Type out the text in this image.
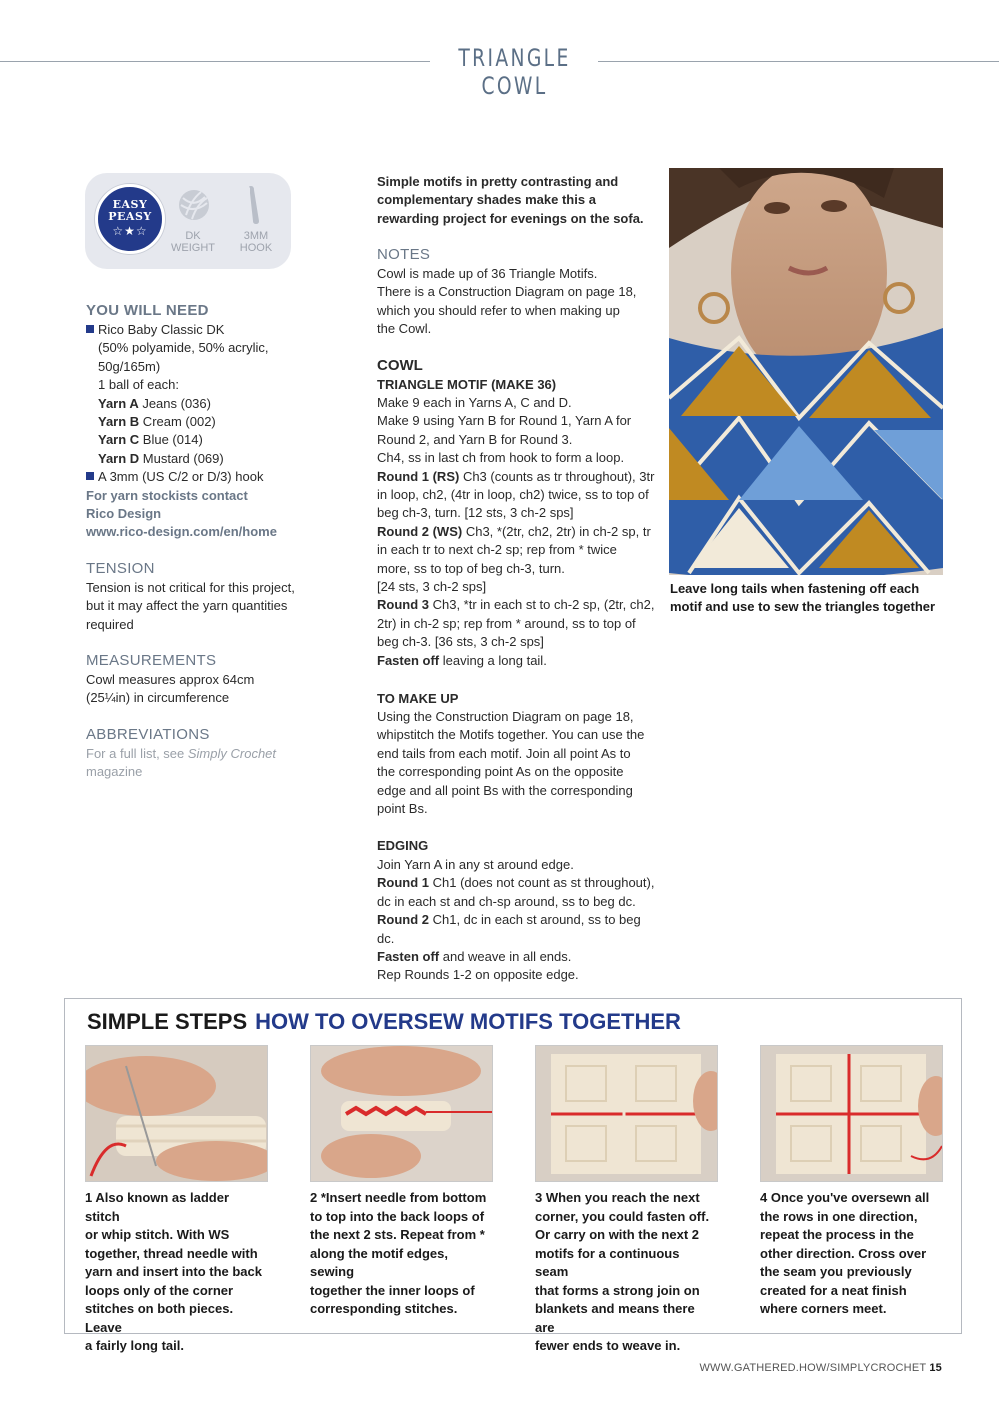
TRIANGLE COWL
EASY
PEASY
☆★☆	DK
WEIGHT
3MM
HOOK
YOU WILL NEED
Rico Baby Classic DK
(50% polyamide, 50% acrylic,
50g/165m)
1 ball of each:
Yarn A Jeans (036)
Yarn B Cream (002)
Yarn C Blue (014)
Yarn D Mustard (069)
A 3mm (US C/2 or D/3) hook
For yarn stockists contact
Rico Design
www.rico-design.com/en/home
TENSION
Tension is not critical for this project,
but it may affect the yarn quantities
required
MEASUREMENTS
Cowl measures approx 64cm
(25¼in) in circumference
ABBREVIATIONS
For a full list, see Simply Crochet
magazine
Simple motifs in pretty contrasting and
complementary shades make this a
rewarding project for evenings on the sofa.
NOTES
Cowl is made up of 36 Triangle Motifs.
There is a Construction Diagram on page 18,
which you should refer to when making up
the Cowl.
COWL
TRIANGLE MOTIF (MAKE 36)
Make 9 each in Yarns A, C and D.
Make 9 using Yarn B for Round 1, Yarn A for
Round 2, and Yarn B for Round 3.
Ch4, ss in last ch from hook to form a loop.
Round 1 (RS) Ch3 (counts as tr throughout), 3tr
in loop, ch2, (4tr in loop, ch2) twice, ss to top of
beg ch-3, turn. [12 sts, 3 ch-2 sps]
Round 2 (WS) Ch3, *(2tr, ch2, 2tr) in ch-2 sp, tr
in each tr to next ch-2 sp; rep from * twice
more, ss to top of beg ch-3, turn.
[24 sts, 3 ch-2 sps]
Round 3 Ch3, *tr in each st to ch-2 sp, (2tr, ch2,
2tr) in ch-2 sp; rep from * around, ss to top of
beg ch-3. [36 sts, 3 ch-2 sps]
Fasten off leaving a long tail.
TO MAKE UP
Using the Construction Diagram on page 18,
whipstitch the Motifs together. You can use the
end tails from each motif. Join all point As to
the corresponding point As on the opposite
edge and all point Bs with the corresponding
point Bs.
EDGING
Join Yarn A in any st around edge.
Round 1 Ch1 (does not count as st throughout),
dc in each st and ch-sp around, ss to beg dc.
Round 2 Ch1, dc in each st around, ss to beg dc.
Fasten off and weave in all ends.
Rep Rounds 1-2 on opposite edge.
Leave long tails when fastening off each
motif and use to sew the triangles together
SIMPLE STEPS HOW TO OVERSEW MOTIFS TOGETHER
1 Also known as ladder stitch
or whip stitch. With WS
together, thread needle with
yarn and insert into the back
loops only of the corner
stitches on both pieces. Leave
a fairly long tail.
2 *Insert needle from bottom
to top into the back loops of
the next 2 sts. Repeat from *
along the motif edges, sewing
together the inner loops of
corresponding stitches.
3 When you reach the next
corner, you could fasten off.
Or carry on with the next 2
motifs for a continuous seam
that forms a strong join on
blankets and means there are
fewer ends to weave in.
4 Once you've oversewn all
the rows in one direction,
repeat the process in the
other direction. Cross over
the seam you previously
created for a neat finish
where corners meet.
WWW.GATHERED.HOW/SIMPLYCROCHET 15
